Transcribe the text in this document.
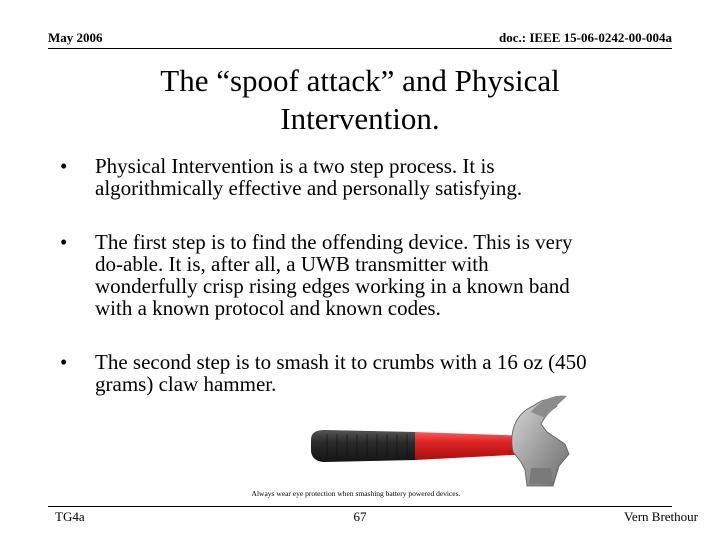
May 2006	doc.: IEEE 15-06-0242-00-004a
The “spoof attack” and Physical
Intervention.
• Physical Intervention is a two step process. It is
algorithmically effective and personally satisfying.
• The first step is to find the offending device. This is very
do-able. It is, after all, a UWB transmitter with
wonderfully crisp rising edges working in a known band
with a known protocol and known codes.
• The second step is to smash it to crumbs with a 16 oz (450
grams) claw hammer.
Always wear eye protection when smashing battery powered devices.
TG4a	67	Vern Brethour
